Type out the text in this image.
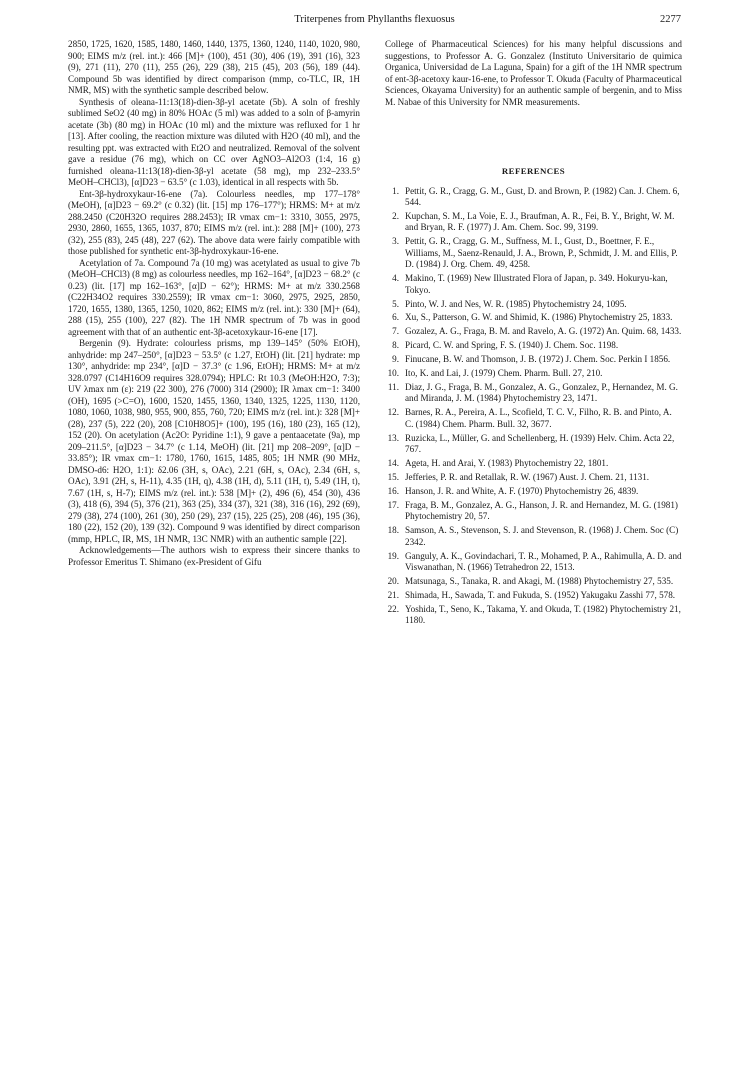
Triterpenes from Phyllanths flexuosus	2277

2850, 1725, 1620, 1585, 1480, 1460, 1440, 1375, 1360, 1240, 1140, 1020, 980, 900; EIMS m/z (rel. int.): 466 [M]+ (100), 451 (30), 406 (19), 391 (16), 323 (9), 271 (11), 270 (11), 255 (26), 229 (38), 215 (45), 203 (56), 189 (44). Compound 5b was identified by direct comparison (mmp, co-TLC, IR, 1H NMR, MS) with the synthetic sample described below.

Synthesis of oleana-11:13(18)-dien-3β-yl acetate (5b). A soln of freshly sublimed SeO2 (40 mg) in 80% HOAc (5 ml) was added to a soln of β-amyrin acetate (3b) (80 mg) in HOAc (10 ml) and the mixture was refluxed for 1 hr [13]. After cooling, the reaction mixture was diluted with H2O (40 ml), and the resulting ppt. was extracted with Et2O and neutralized. Removal of the solvent gave a residue (76 mg), which on CC over AgNO3–Al2O3 (1:4, 16 g) furnished oleana-11:13(18)-dien-3β-yl acetate (58 mg), mp 232–233.5° MeOH–CHCl3), [α]D23 − 63.5° (c 1.03), identical in all respects with 5b.

Ent-3β-hydroxykaur-16-ene (7a). Colourless needles, mp 177–178° (MeOH), [α]D23 − 69.2° (c 0.32) (lit. [15] mp 176–177°); HRMS: M+ at m/z 288.2450 (C20H32O requires 288.2453); IR νmax cm−1: 3310, 3055, 2975, 2930, 2860, 1655, 1365, 1037, 870; EIMS m/z (rel. int.): 288 [M]+ (100), 273 (32), 255 (83), 245 (48), 227 (62). The above data were fairly compatible with those published for synthetic ent-3β-hydroxykaur-16-ene.

Acetylation of 7a. Compound 7a (10 mg) was acetylated as usual to give 7b (MeOH–CHCl3) (8 mg) as colourless needles, mp 162–164°, [α]D23 − 68.2° (c 0.23) (lit. [17] mp 162–163°, [α]D − 62°); HRMS: M+ at m/z 330.2568 (C22H34O2 requires 330.2559); IR νmax cm−1: 3060, 2975, 2925, 2850, 1720, 1655, 1380, 1365, 1250, 1020, 862; EIMS m/z (rel. int.): 330 [M]+ (64), 288 (15), 255 (100), 227 (82). The 1H NMR spectrum of 7b was in good agreement with that of an authentic ent-3β-acetoxykaur-16-ene [17].

Bergenin (9). Hydrate: colourless prisms, mp 139–145° (50% EtOH), anhydride: mp 247–250°, [α]D23 − 53.5° (c 1.27, EtOH) (lit. [21] hydrate: mp 130°, anhydride: mp 234°, [α]D − 37.3° (c 1.96, EtOH); HRMS: M+ at m/z 328.0797 (C14H16O9 requires 328.0794); HPLC: Rt 10.3 (MeOH:H2O, 7:3); UV λmax nm (ε): 219 (22 300), 276 (7000) 314 (2900); IR λmax cm−1: 3400 (OH), 1695 (>C=O), 1600, 1520, 1455, 1360, 1340, 1325, 1225, 1130, 1120, 1080, 1060, 1038, 980, 955, 900, 855, 760, 720; EIMS m/z (rel. int.): 328 [M]+ (28), 237 (5), 222 (20), 208 [C10H8O5]+ (100), 195 (16), 180 (23), 165 (12), 152 (20). On acetylation (Ac2O: Pyridine 1:1), 9 gave a pentaacetate (9a), mp 209–211.5°, [α]D23 − 34.7° (c 1.14, MeOH) (lit. [21] mp 208–209°, [α]D − 33.85°); IR νmax cm−1: 1780, 1760, 1615, 1485, 805; 1H NMR (90 MHz, DMSO-d6: H2O, 1:1): δ2.06 (3H, s, OAc), 2.21 (6H, s, OAc), 2.34 (6H, s, OAc), 3.91 (2H, s, H-11), 4.35 (1H, q), 4.38 (1H, d), 5.11 (1H, t), 5.49 (1H, t), 7.67 (1H, s, H-7); EIMS m/z (rel. int.): 538 [M]+ (2), 496 (6), 454 (30), 436 (3), 418 (6), 394 (5), 376 (21), 363 (25), 334 (37), 321 (38), 316 (16), 292 (69), 279 (38), 274 (100), 261 (30), 250 (29), 237 (15), 225 (25), 208 (46), 195 (36), 180 (22), 152 (20), 139 (32). Compound 9 was identified by direct comparison (mmp, HPLC, IR, MS, 1H NMR, 13C NMR) with an authentic sample [22].

Acknowledgements—The authors wish to express their sincere thanks to Professor Emeritus T. Shimano (ex-President of Gifu

College of Pharmaceutical Sciences) for his many helpful discussions and suggestions, to Professor A. G. Gonzalez (Instituto Universitario de quimica Organica, Universidad de La Laguna, Spain) for a gift of the 1H NMR spectrum of ent-3β-acetoxy kaur-16-ene, to Professor T. Okuda (Faculty of Pharmaceutical Sciences, Okayama University) for an authentic sample of bergenin, and to Miss M. Nabae of this University for NMR measurements.

REFERENCES
1. Pettit, G. R., Cragg, G. M., Gust, D. and Brown, P. (1982) Can. J. Chem. 6, 544.
2. Kupchan, S. M., La Voie, E. J., Braufman, A. R., Fei, B. Y., Bright, W. M. and Bryan, R. F. (1977) J. Am. Chem. Soc. 99, 3199.
3. Pettit, G. R., Cragg, G. M., Suffness, M. I., Gust, D., Boettner, F. E., Williams, M., Saenz-Renauld, J. A., Brown, P., Schmidt, J. M. and Ellis, P. D. (1984) J. Org. Chem. 49, 4258.
4. Makino, T. (1969) New Illustrated Flora of Japan, p. 349. Hokuryu-kan, Tokyo.
5. Pinto, W. J. and Nes, W. R. (1985) Phytochemistry 24, 1095.
6. Xu, S., Patterson, G. W. and Shimid, K. (1986) Phytochemistry 25, 1833.
7. Gozalez, A. G., Fraga, B. M. and Ravelo, A. G. (1972) An. Quim. 68, 1433.
8. Picard, C. W. and Spring, F. S. (1940) J. Chem. Soc. 1198.
9. Finucane, B. W. and Thomson, J. B. (1972) J. Chem. Soc. Perkin I 1856.
10. Ito, K. and Lai, J. (1979) Chem. Pharm. Bull. 27, 210.
11. Diaz, J. G., Fraga, B. M., Gonzalez, A. G., Gonzalez, P., Hernandez, M. G. and Miranda, J. M. (1984) Phytochemistry 23, 1471.
12. Barnes, R. A., Pereira, A. L., Scofield, T. C. V., Filho, R. B. and Pinto, A. C. (1984) Chem. Pharm. Bull. 32, 3677.
13. Ruzicka, L., Müller, G. and Schellenberg, H. (1939) Helv. Chim. Acta 22, 767.
14. Ageta, H. and Arai, Y. (1983) Phytochemistry 22, 1801.
15. Jefferies, P. R. and Retallak, R. W. (1967) Aust. J. Chem. 21, 1131.
16. Hanson, J. R. and White, A. F. (1970) Phytochemistry 26, 4839.
17. Fraga, B. M., Gonzalez, A. G., Hanson, J. R. and Hernandez, M. G. (1981) Phytochemistry 20, 57.
18. Samson, A. S., Stevenson, S. J. and Stevenson, R. (1968) J. Chem. Soc (C) 2342.
19. Ganguly, A. K., Govindachari, T. R., Mohamed, P. A., Rahimulla, A. D. and Viswanathan, N. (1966) Tetrahedron 22, 1513.
20. Matsunaga, S., Tanaka, R. and Akagi, M. (1988) Phytochemistry 27, 535.
21. Shimada, H., Sawada, T. and Fukuda, S. (1952) Yakugaku Zasshi 77, 578.
22. Yoshida, T., Seno, K., Takama, Y. and Okuda, T. (1982) Phytochemistry 21, 1180.
